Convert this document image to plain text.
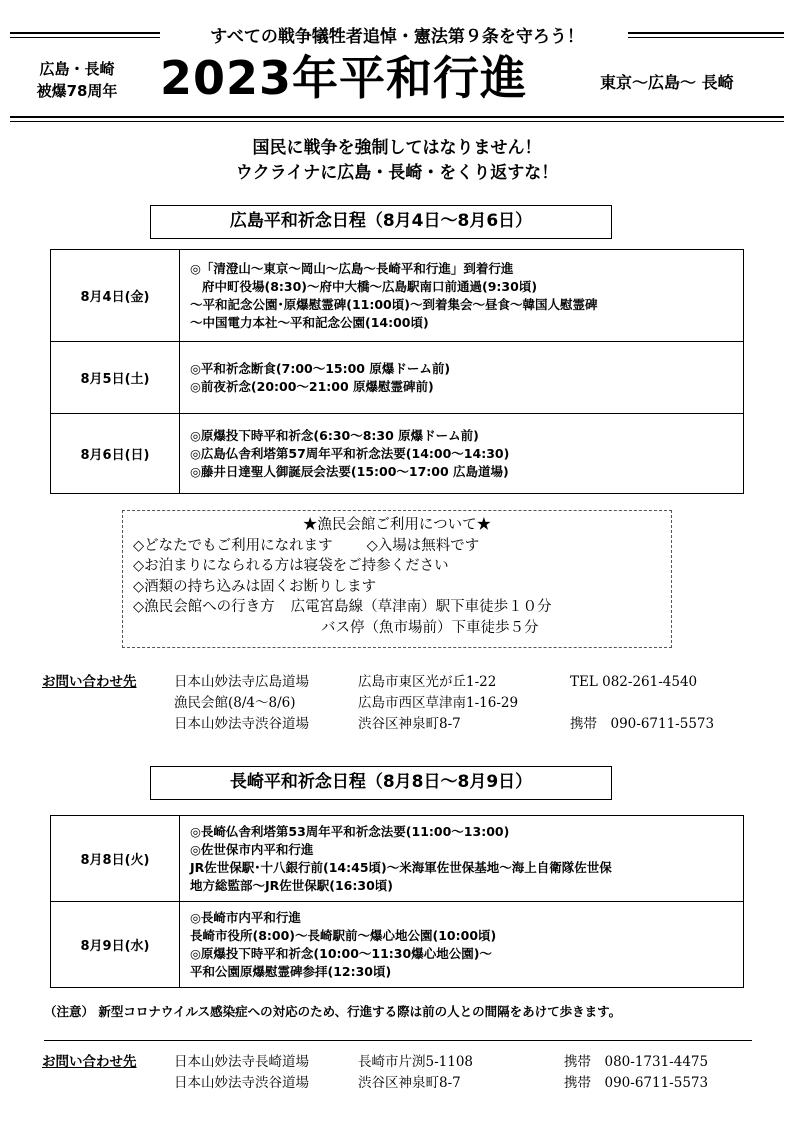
すべての戦争犠牲者追悼・憲法第９条を守ろう！
広島・長崎
被爆78周年 2023年平和行進	東京～広島～ 長崎
国民に戦争を強制してはなりません！
ウクライナに広島・長崎・をくり返すな！
広島平和祈念日程（8月4日～8月6日）
8月4日(金)	◎「清澄山～東京～岡山～広島～長崎平和行進」到着行進
府中町役場(8:30)～府中大橋～広島駅南口前通過(9:30頃)
～平和記念公園･原爆慰霊碑(11:00頃)～到着集会～昼食～韓国人慰霊碑
～中国電力本社～平和記念公園(14:00頃)

8月5日(土)	◎平和祈念断食(7:00～15:00 原爆ドーム前)
◎前夜祈念(20:00～21:00 原爆慰霊碑前)

8月6日(日)	◎原爆投下時平和祈念(6:30～8:30 原爆ドーム前)
◎広島仏舎利塔第57周年平和祈念法要(14:00～14:30)
◎藤井日達聖人御誕辰会法要(15:00～17:00 広島道場)
★漁民会館ご利用について★
◇どなたでもご利用になれます ◇入場は無料です
◇お泊まりになられる方は寝袋をご持参ください
◇酒類の持ち込みは固くお断りします
◇漁民会館への行き方 広電宮島線（草津南）駅下車徒歩１０分
バス停（魚市場前）下車徒歩５分
お問い合わせ先	日本山妙法寺広島道場	広島市東区光が丘1-22	TEL 082-261-4540
漁民会館(8/4～8/6)	広島市西区草津南1-16-29
日本山妙法寺渋谷道場	渋谷区神泉町8-7	携帯　090-6711-5573
長崎平和祈念日程（8月8日～8月9日）
8月8日(火)	◎長崎仏舎利塔第53周年平和祈念法要(11:00～13:00)
◎佐世保市内平和行進
JR佐世保駅･十八銀行前(14:45頃)～米海軍佐世保基地～海上自衛隊佐世保
地方総監部～JR佐世保駅(16:30頃)

8月9日(水)	◎長崎市内平和行進
長崎市役所(8:00)～長崎駅前～爆心地公園(10:00頃)
◎原爆投下時平和祈念(10:00～11:30爆心地公園)～
平和公園原爆慰霊碑参拝(12:30頃)
（注意） 新型コロナウイルス感染症への対応のため、行進する際は前の人との間隔をあけて歩きます。
お問い合わせ先	日本山妙法寺長崎道場	長崎市片渕5-1108	携帯　080-1731-4475
日本山妙法寺渋谷道場	渋谷区神泉町8-7	携帯　090-6711-5573
